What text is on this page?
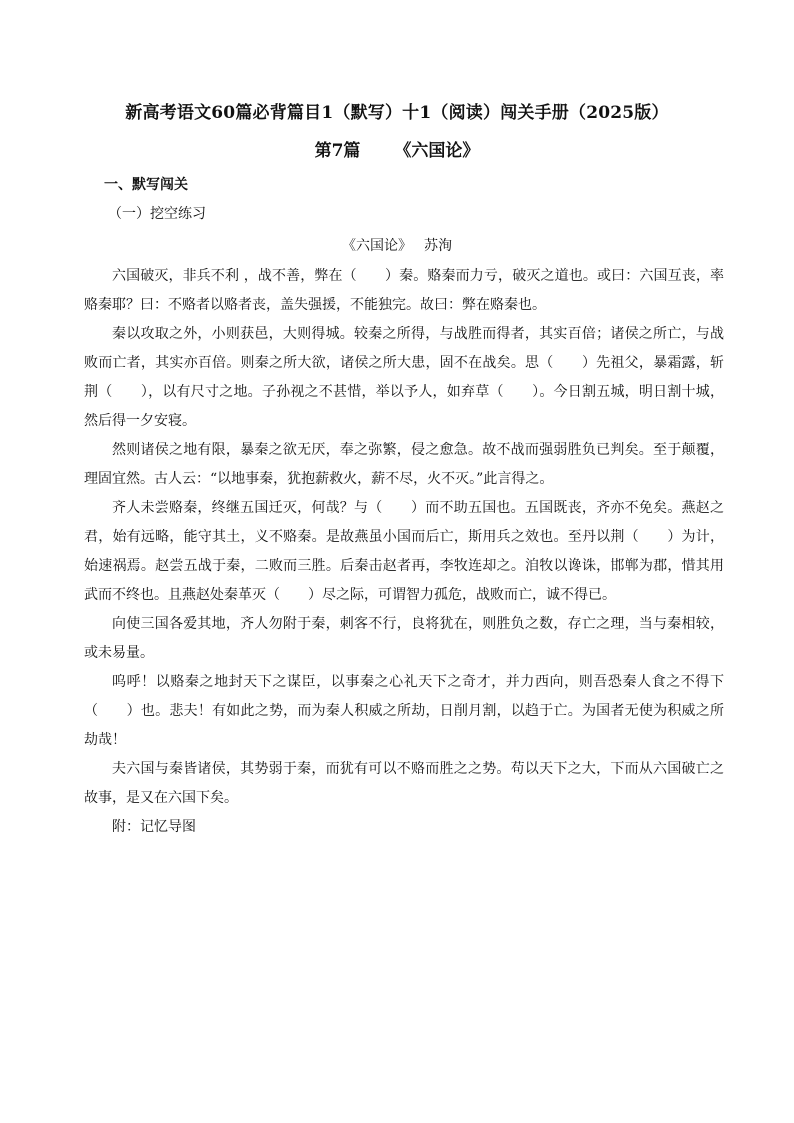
新高考语文60篇必背篇目1（默写）十1（阅读）闯关手册（2025版）
第7篇 《六国论》
一、默写闯关
（一）挖空练习
《六国论》 苏洵

六国破灭，非兵不利 ，战不善，弊在（　　）秦。赂秦而力亏，破灭之道也。或曰：六国互丧，率赂秦耶？曰：不赂者以赂者丧，盖失强援，不能独完。故曰：弊在赂秦也。

秦以攻取之外，小则获邑，大则得城。较秦之所得，与战胜而得者，其实百倍；诸侯之所亡，与战败而亡者，其实亦百倍。则秦之所大欲，诸侯之所大患，固不在战矣。思（　　）先祖父，暴霜露，斩荆（　　），以有尺寸之地。子孙视之不甚惜，举以予人，如弃草（　　）。今日割五城，明日割十城，然后得一夕安寝。

然则诸侯之地有限，暴秦之欲无厌，奉之弥繁，侵之愈急。故不战而强弱胜负已判矣。至于颠覆，理固宜然。古人云：“以地事秦，犹抱薪救火，薪不尽，火不灭。”此言得之。

齐人未尝赂秦，终继五国迁灭，何哉？与（　　）而不助五国也。五国既丧，齐亦不免矣。燕赵之君，始有远略，能守其土，义不赂秦。是故燕虽小国而后亡，斯用兵之效也。至丹以荆（　　）为计，始速祸焉。赵尝五战于秦，二败而三胜。后秦击赵者再，李牧连却之。洎牧以谗诛，邯郸为郡，惜其用武而不终也。且燕赵处秦革灭（　　）尽之际，可谓智力孤危，战败而亡，诚不得已。

向使三国各爱其地，齐人勿附于秦，刺客不行，良将犹在，则胜负之数，存亡之理，当与秦相较，或未易量。

呜呼！以赂秦之地封天下之谋臣，以事秦之心礼天下之奇才，并力西向，则吾恐秦人食之不得下（　　）也。悲夫！有如此之势，而为秦人积威之所劫，日削月割，以趋于亡。为国者无使为积威之所劫哉！

夫六国与秦皆诸侯，其势弱于秦，而犹有可以不赂而胜之之势。苟以天下之大，下而从六国破亡之故事，是又在六国下矣。

附：记忆导图
